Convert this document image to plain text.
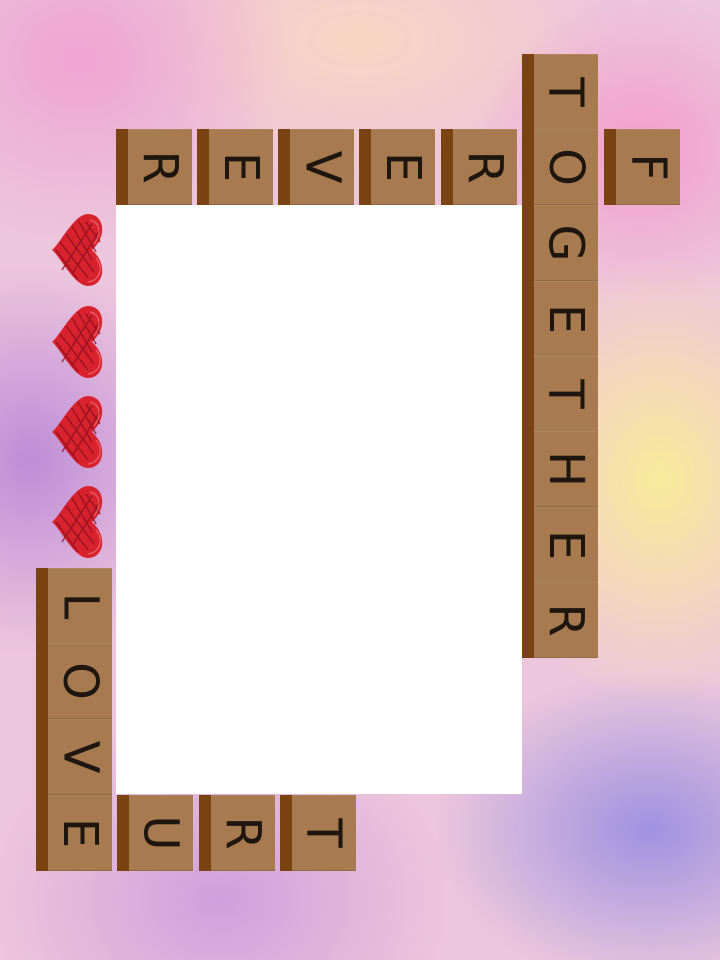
F
R
E
V
E
R
T
O
G
E
T
H
E
R
L
O
V
E U R T
